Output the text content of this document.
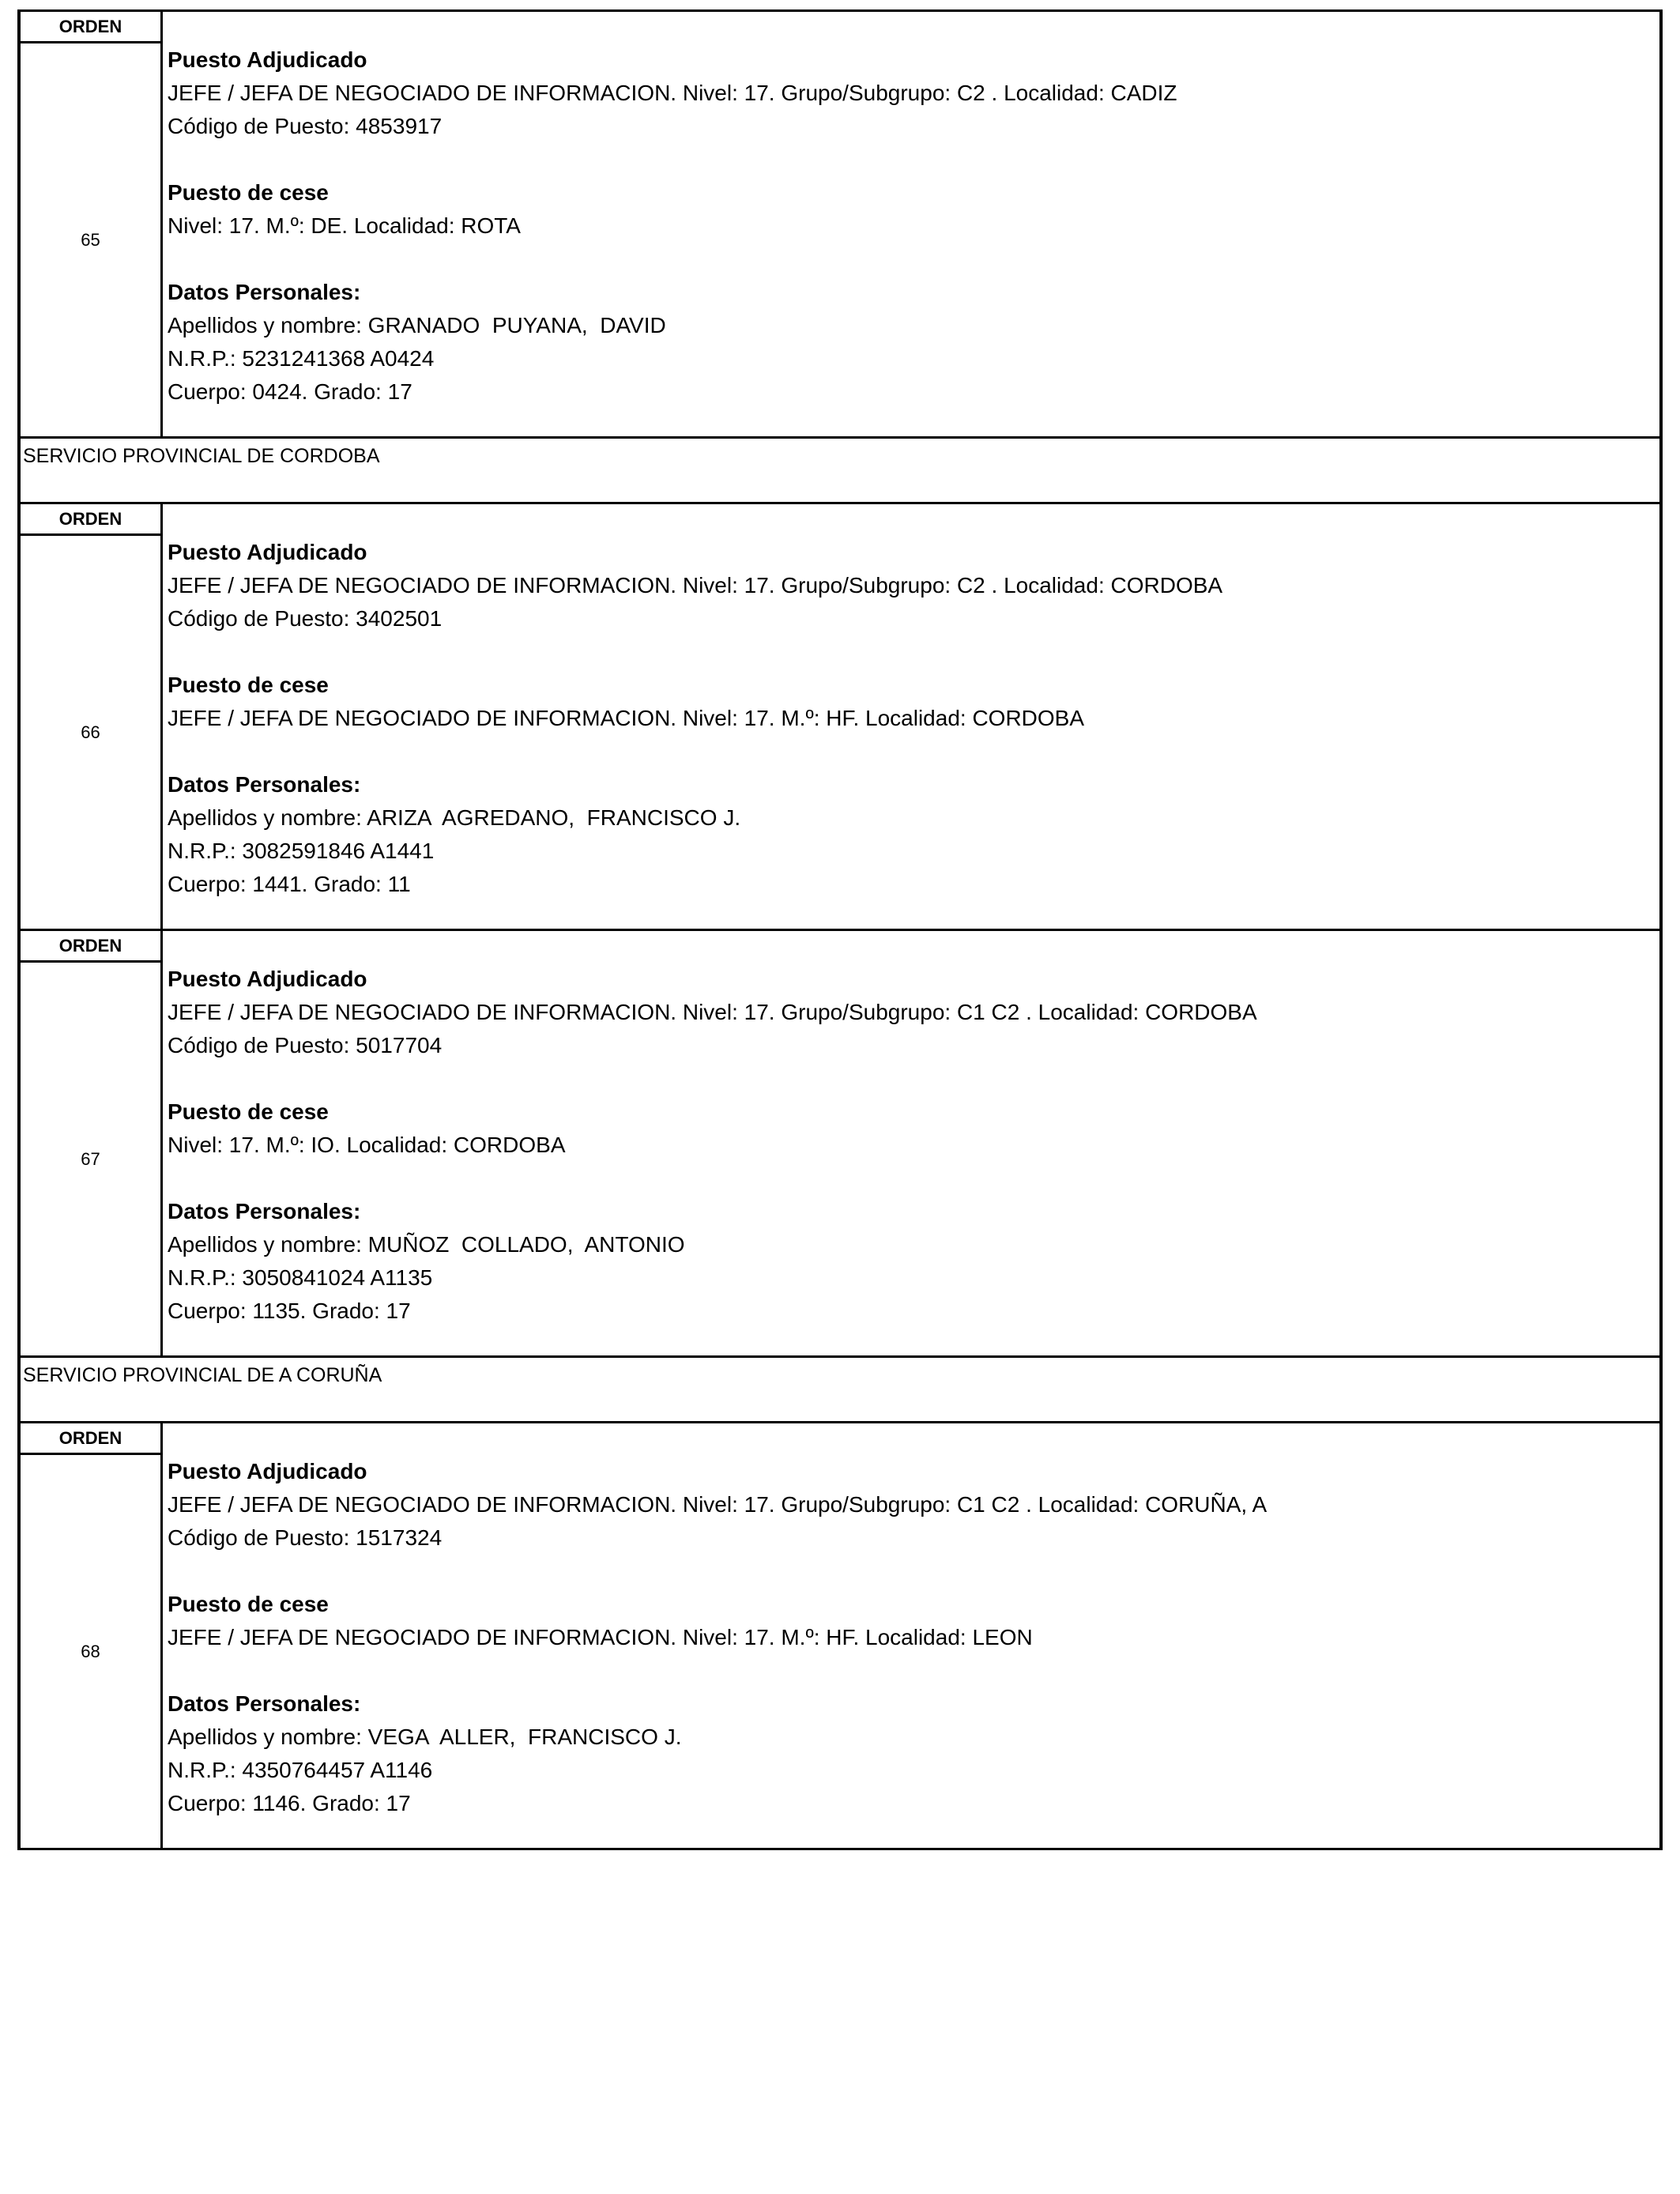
ORDEN
65
Puesto Adjudicado
JEFE / JEFA DE NEGOCIADO DE INFORMACION. Nivel: 17. Grupo/Subgrupo: C2 . Localidad: CADIZ
Código de Puesto: 4853917
Puesto de cese
Nivel: 17. M.º: DE. Localidad: ROTA
Datos Personales:
Apellidos y nombre: GRANADO  PUYANA,  DAVID
N.R.P.: 5231241368 A0424
Cuerpo: 0424. Grado: 17
SERVICIO PROVINCIAL DE CORDOBA
ORDEN
66
Puesto Adjudicado
JEFE / JEFA DE NEGOCIADO DE INFORMACION. Nivel: 17. Grupo/Subgrupo: C2 . Localidad: CORDOBA
Código de Puesto: 3402501
Puesto de cese
JEFE / JEFA DE NEGOCIADO DE INFORMACION. Nivel: 17. M.º: HF. Localidad: CORDOBA
Datos Personales:
Apellidos y nombre: ARIZA  AGREDANO,  FRANCISCO J.
N.R.P.: 3082591846 A1441
Cuerpo: 1441. Grado: 11
ORDEN
67
Puesto Adjudicado
JEFE / JEFA DE NEGOCIADO DE INFORMACION. Nivel: 17. Grupo/Subgrupo: C1 C2 . Localidad: CORDOBA
Código de Puesto: 5017704
Puesto de cese
Nivel: 17. M.º: IO. Localidad: CORDOBA
Datos Personales:
Apellidos y nombre: MUÑOZ  COLLADO,  ANTONIO
N.R.P.: 3050841024 A1135
Cuerpo: 1135. Grado: 17
SERVICIO PROVINCIAL DE A CORUÑA
ORDEN
68
Puesto Adjudicado
JEFE / JEFA DE NEGOCIADO DE INFORMACION. Nivel: 17. Grupo/Subgrupo: C1 C2 . Localidad: CORUÑA, A
Código de Puesto: 1517324
Puesto de cese
JEFE / JEFA DE NEGOCIADO DE INFORMACION. Nivel: 17. M.º: HF. Localidad: LEON
Datos Personales:
Apellidos y nombre: VEGA  ALLER,  FRANCISCO J.
N.R.P.: 4350764457 A1146
Cuerpo: 1146. Grado: 17
